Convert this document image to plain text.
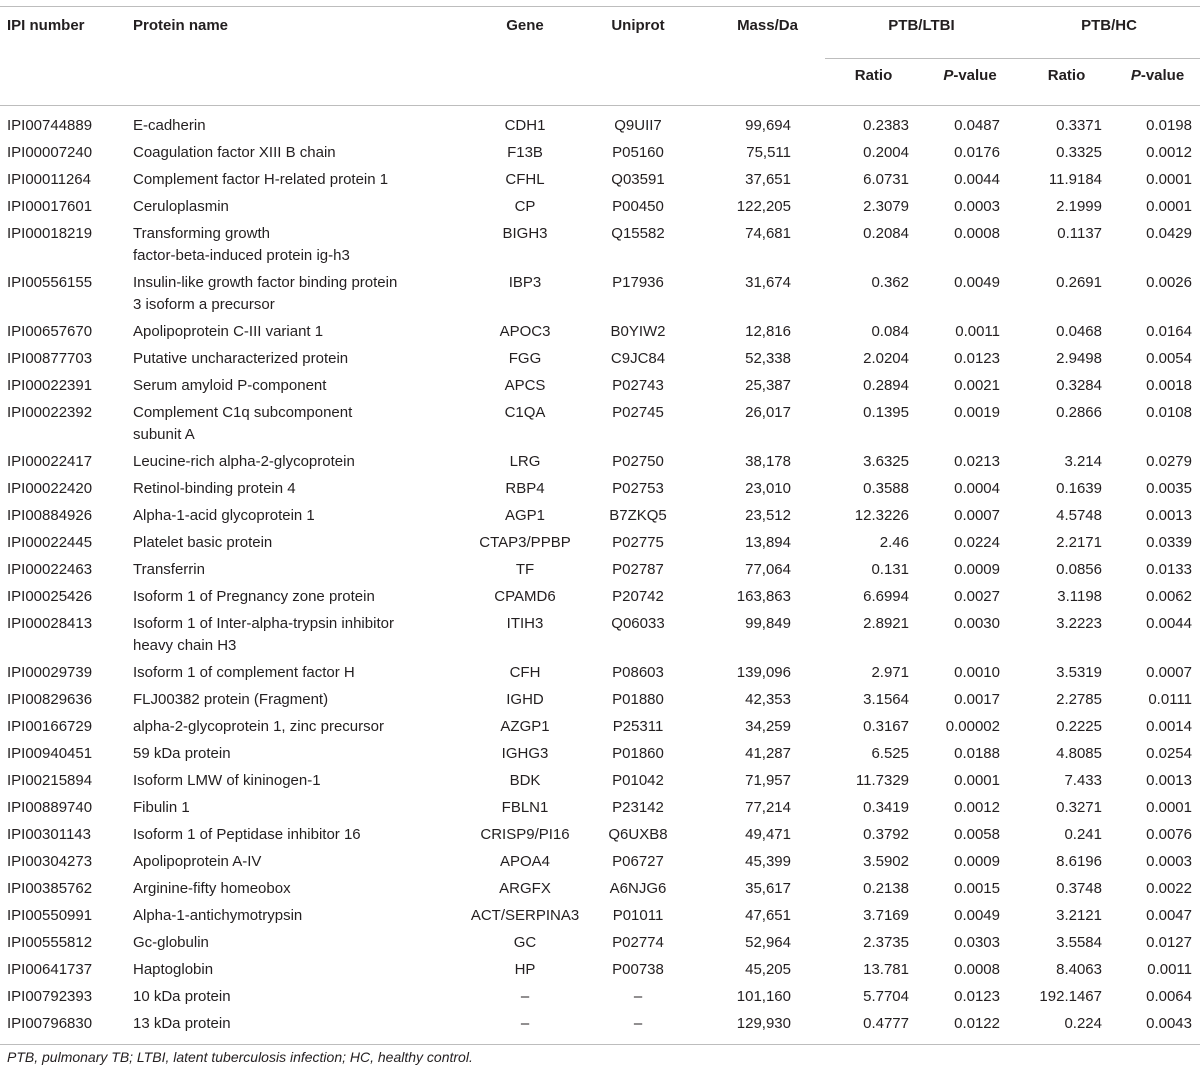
IPI number	Protein name	Gene	Uniprot	Mass/Da	PTB/LTBI		PTB/HC	
					Ratio	P-value	Ratio	P-value
IPI00744889	E-cadherin	CDH1	Q9UII7	99,694	0.2383	0.0487	0.3371	0.0198
IPI00007240	Coagulation factor XIII B chain	F13B	P05160	75,511	0.2004	0.0176	0.3325	0.0012
IPI00011264	Complement factor H-related protein 1	CFHL	Q03591	37,651	6.0731	0.0044	11.9184	0.0001
IPI00017601	Ceruloplasmin	CP	P00450	122,205	2.3079	0.0003	2.1999	0.0001
IPI00018219	Transforming growth
factor-beta-induced protein ig-h3	BIGH3	Q15582	74,681	0.2084	0.0008	0.1137	0.0429
IPI00556155	Insulin-like growth factor binding protein
3 isoform a precursor	IBP3	P17936	31,674	0.362	0.0049	0.2691	0.0026
IPI00657670	Apolipoprotein C-III variant 1	APOC3	B0YIW2	12,816	0.084	0.0011	0.0468	0.0164
IPI00877703	Putative uncharacterized protein	FGG	C9JC84	52,338	2.0204	0.0123	2.9498	0.0054
IPI00022391	Serum amyloid P-component	APCS	P02743	25,387	0.2894	0.0021	0.3284	0.0018
IPI00022392	Complement C1q subcomponent
subunit A	C1QA	P02745	26,017	0.1395	0.0019	0.2866	0.0108
IPI00022417	Leucine-rich alpha-2-glycoprotein	LRG	P02750	38,178	3.6325	0.0213	3.214	0.0279
IPI00022420	Retinol-binding protein 4	RBP4	P02753	23,010	0.3588	0.0004	0.1639	0.0035
IPI00884926	Alpha-1-acid glycoprotein 1	AGP1	B7ZKQ5	23,512	12.3226	0.0007	4.5748	0.0013
IPI00022445	Platelet basic protein	CTAP3/PPBP	P02775	13,894	2.46	0.0224	2.2171	0.0339
IPI00022463	Transferrin	TF	P02787	77,064	0.131	0.0009	0.0856	0.0133
IPI00025426	Isoform 1 of Pregnancy zone protein	CPAMD6	P20742	163,863	6.6994	0.0027	3.1198	0.0062
IPI00028413	Isoform 1 of Inter-alpha-trypsin inhibitor
heavy chain H3	ITIH3	Q06033	99,849	2.8921	0.0030	3.2223	0.0044
IPI00029739	Isoform 1 of complement factor H	CFH	P08603	139,096	2.971	0.0010	3.5319	0.0007
IPI00829636	FLJ00382 protein (Fragment)	IGHD	P01880	42,353	3.1564	0.0017	2.2785	0.0111
IPI00166729	alpha-2-glycoprotein 1, zinc precursor	AZGP1	P25311	34,259	0.3167	0.00002	0.2225	0.0014
IPI00940451	59 kDa protein	IGHG3	P01860	41,287	6.525	0.0188	4.8085	0.0254
IPI00215894	Isoform LMW of kininogen-1	BDK	P01042	71,957	11.7329	0.0001	7.433	0.0013
IPI00889740	Fibulin 1	FBLN1	P23142	77,214	0.3419	0.0012	0.3271	0.0001
IPI00301143	Isoform 1 of Peptidase inhibitor 16	CRISP9/PI16	Q6UXB8	49,471	0.3792	0.0058	0.241	0.0076
IPI00304273	Apolipoprotein A-IV	APOA4	P06727	45,399	3.5902	0.0009	8.6196	0.0003
IPI00385762	Arginine-fifty homeobox	ARGFX	A6NJG6	35,617	0.2138	0.0015	0.3748	0.0022
IPI00550991	Alpha-1-antichymotrypsin	ACT/SERPINA3	P01011	47,651	3.7169	0.0049	3.2121	0.0047
IPI00555812	Gc-globulin	GC	P02774	52,964	2.3735	0.0303	3.5584	0.0127
IPI00641737	Haptoglobin	HP	P00738	45,205	13.781	0.0008	8.4063	0.0011
IPI00792393	10 kDa protein	–	–	101,160	5.7704	0.0123	192.1467	0.0064
IPI00796830	13 kDa protein	–	–	129,930	0.4777	0.0122	0.224	0.0043
PTB, pulmonary TB; LTBI, latent tuberculosis infection; HC, healthy control.
